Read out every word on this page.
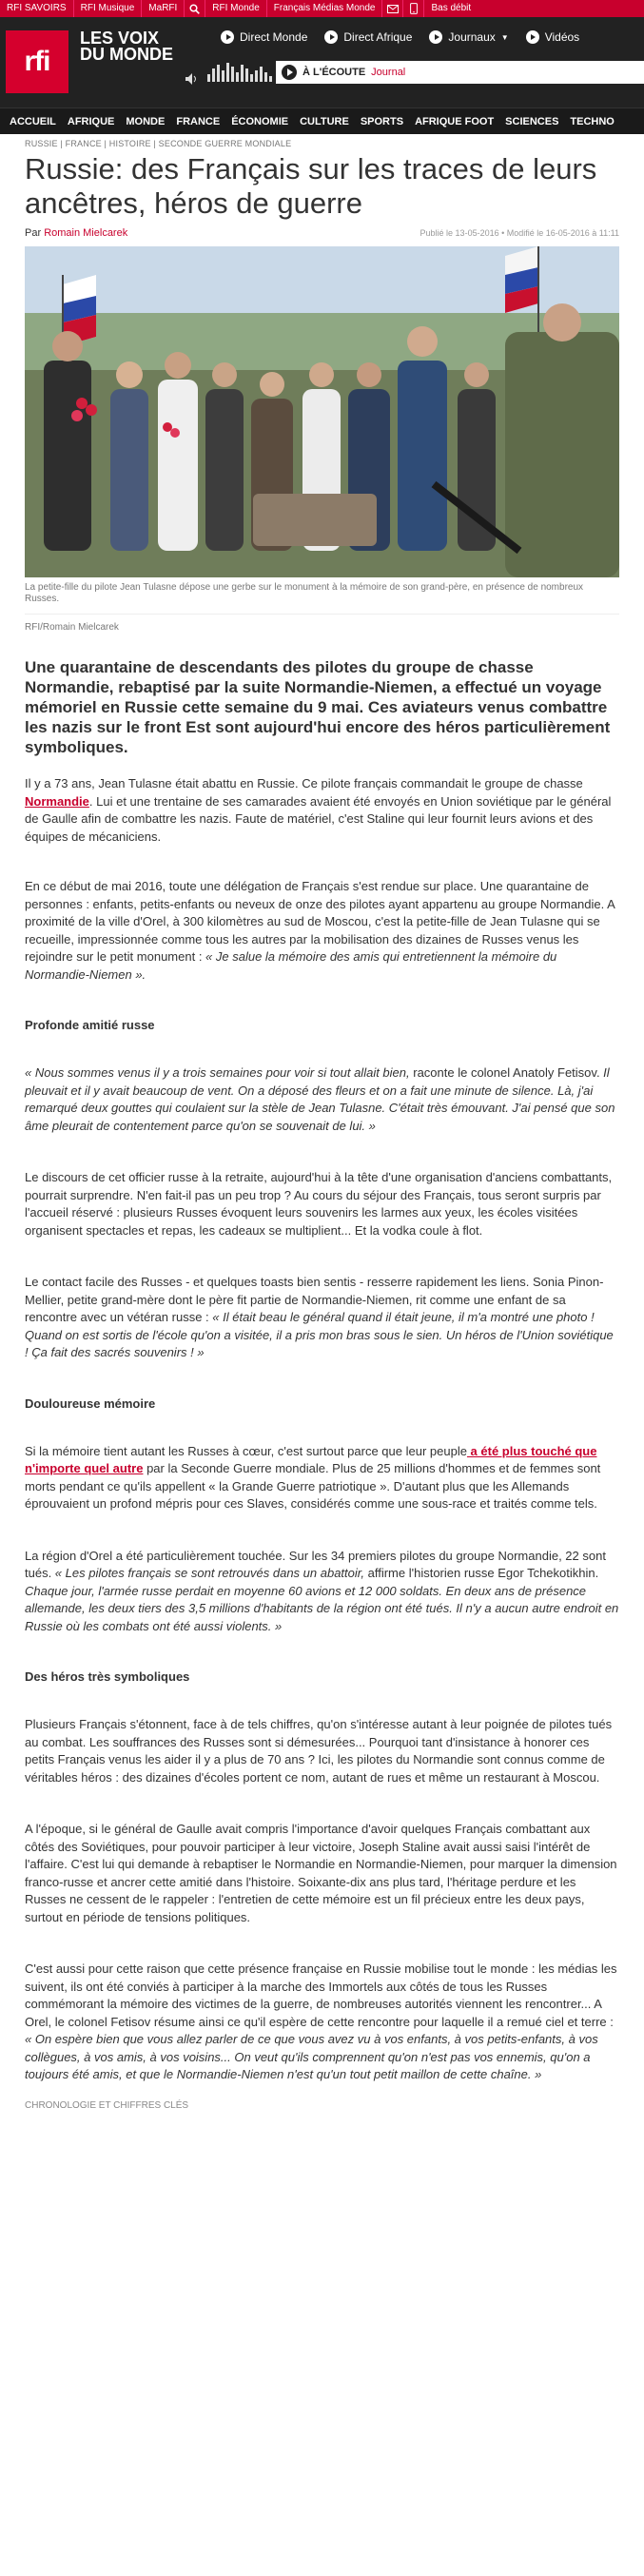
RFI SAVOIRS	RFI Musique	MaRFI	RFI Monde	Français Médias Monde	Bas débit
rfi
LES VOIX
DU MONDE
Direct Monde	Direct Afrique	Journaux ▼	Vidéos
À L'ÉCOUTE Journal
ACCUEIL	AFRIQUE	MONDE	FRANCE	ÉCONOMIE	CULTURE	SPORTS	AFRIQUE FOOT	SCIENCES	TECHNO
RUSSIE | FRANCE | HISTOIRE | SECONDE GUERRE MONDIALE
Russie: des Français sur les traces de leurs ancêtres, héros de guerre
Par Romain Mielcarek	Publié le 13-05-2016 • Modifié le 16-05-2016 à 11:11
La petite-fille du pilote Jean Tulasne dépose une gerbe sur le monument à la mémoire de son grand-père, en présence de nombreux Russes.
RFI/Romain Mielcarek

Une quarantaine de descendants des pilotes du groupe de chasse Normandie, rebaptisé par la suite Normandie-Niemen, a effectué un voyage mémoriel en Russie cette semaine du 9 mai. Ces aviateurs venus combattre les nazis sur le front Est sont aujourd'hui encore des héros particulièrement symboliques.

Il y a 73 ans, Jean Tulasne était abattu en Russie. Ce pilote français commandait le groupe de chasse Normandie. Lui et une trentaine de ses camarades avaient été envoyés en Union soviétique par le général de Gaulle afin de combattre les nazis. Faute de matériel, c'est Staline qui leur fournit leurs avions et des équipes de mécaniciens.

En ce début de mai 2016, toute une délégation de Français s'est rendue sur place. Une quarantaine de personnes : enfants, petits-enfants ou neveux de onze des pilotes ayant appartenu au groupe Normandie. A proximité de la ville d'Orel, à 300 kilomètres au sud de Moscou, c'est la petite-fille de Jean Tulasne qui se recueille, impressionnée comme tous les autres par la mobilisation des dizaines de Russes venus les rejoindre sur le petit monument : « Je salue la mémoire des amis qui entretiennent la mémoire du Normandie-Niemen ».

Profonde amitié russe

« Nous sommes venus il y a trois semaines pour voir si tout allait bien, raconte le colonel Anatoly Fetisov. Il pleuvait et il y avait beaucoup de vent. On a déposé des fleurs et on a fait une minute de silence. Là, j'ai remarqué deux gouttes qui coulaient sur la stèle de Jean Tulasne. C'était très émouvant. J'ai pensé que son âme pleurait de contentement parce qu'on se souvenait de lui. »

Le discours de cet officier russe à la retraite, aujourd'hui à la tête d'une organisation d'anciens combattants, pourrait surprendre. N'en fait-il pas un peu trop ? Au cours du séjour des Français, tous seront surpris par l'accueil réservé : plusieurs Russes évoquent leurs souvenirs les larmes aux yeux, les écoles visitées organisent spectacles et repas, les cadeaux se multiplient... Et la vodka coule à flot.

Le contact facile des Russes - et quelques toasts bien sentis - resserre rapidement les liens. Sonia Pinon-Mellier, petite grand-mère dont le père fit partie de Normandie-Niemen, rit comme une enfant de sa rencontre avec un vétéran russe : « Il était beau le général quand il était jeune, il m'a montré une photo ! Quand on est sortis de l'école qu'on a visitée, il a pris mon bras sous le sien. Un héros de l'Union soviétique ! Ça fait des sacrés souvenirs ! »

Douloureuse mémoire

Si la mémoire tient autant les Russes à cœur, c'est surtout parce que leur peuple a été plus touché que n'importe quel autre par la Seconde Guerre mondiale. Plus de 25 millions d'hommes et de femmes sont morts pendant ce qu'ils appellent « la Grande Guerre patriotique ». D'autant plus que les Allemands éprouvaient un profond mépris pour ces Slaves, considérés comme une sous-race et traités comme tels.

La région d'Orel a été particulièrement touchée. Sur les 34 premiers pilotes du groupe Normandie, 22 sont tués. « Les pilotes français se sont retrouvés dans un abattoir, affirme l'historien russe Egor Tchekotikhin. Chaque jour, l'armée russe perdait en moyenne 60 avions et 12 000 soldats. En deux ans de présence allemande, les deux tiers des 3,5 millions d'habitants de la région ont été tués. Il n'y a aucun autre endroit en Russie où les combats ont été aussi violents. »

Des héros très symboliques

Plusieurs Français s'étonnent, face à de tels chiffres, qu'on s'intéresse autant à leur poignée de pilotes tués au combat. Les souffrances des Russes sont si démesurées... Pourquoi tant d'insistance à honorer ces petits Français venus les aider il y a plus de 70 ans ? Ici, les pilotes du Normandie sont connus comme de véritables héros : des dizaines d'écoles portent ce nom, autant de rues et même un restaurant à Moscou.

A l'époque, si le général de Gaulle avait compris l'importance d'avoir quelques Français combattant aux côtés des Soviétiques, pour pouvoir participer à leur victoire, Joseph Staline avait aussi saisi l'intérêt de l'affaire. C'est lui qui demande à rebaptiser le Normandie en Normandie-Niemen, pour marquer la dimension franco-russe et ancrer cette amitié dans l'histoire. Soixante-dix ans plus tard, l'héritage perdure et les Russes ne cessent de le rappeler : l'entretien de cette mémoire est un fil précieux entre les deux pays, surtout en période de tensions politiques.

C'est aussi pour cette raison que cette présence française en Russie mobilise tout le monde : les médias les suivent, ils ont été conviés à participer à la marche des Immortels aux côtés de tous les Russes commémorant la mémoire des victimes de la guerre, de nombreuses autorités viennent les rencontrer... A Orel, le colonel Fetisov résume ainsi ce qu'il espère de cette rencontre pour laquelle il a remué ciel et terre : « On espère bien que vous allez parler de ce que vous avez vu à vos enfants, à vos petits-enfants, à vos collègues, à vos amis, à vos voisins... On veut qu'ils comprennent qu'on n'est pas vos ennemis, qu'on a toujours été amis, et que le Normandie-Niemen n'est qu'un tout petit maillon de cette chaîne. »

CHRONOLOGIE ET CHIFFRES CLÉS
